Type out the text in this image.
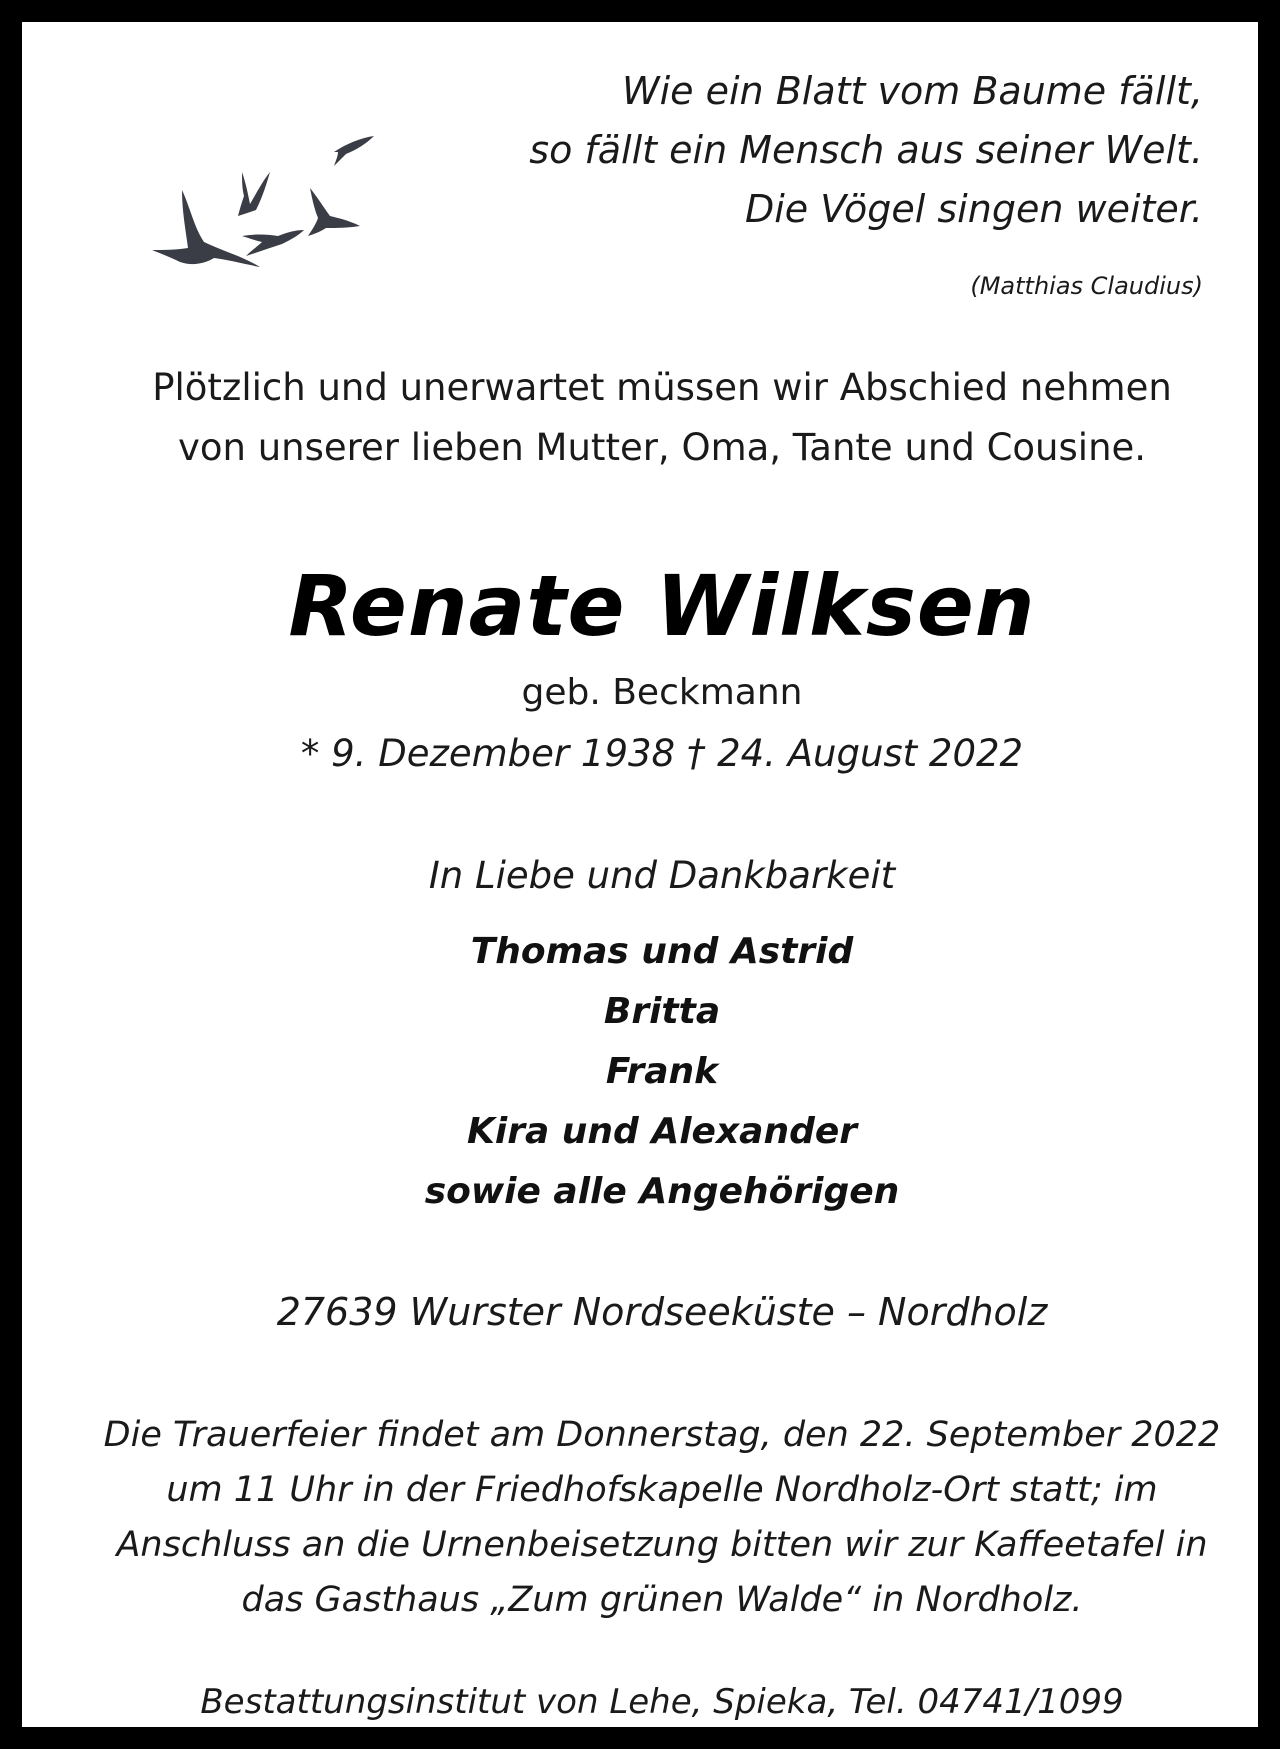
Wie ein Blatt vom Baume fällt,
so fällt ein Mensch aus seiner Welt.
Die Vögel singen weiter.
(Matthias Claudius)
Plötzlich und unerwartet müssen wir Abschied nehmen
von unserer lieben Mutter, Oma, Tante und Cousine.
Renate Wilksen
geb. Beckmann
* 9. Dezember 1938 † 24. August 2022
In Liebe und Dankbarkeit
Thomas und Astrid
Britta
Frank
Kira und Alexander
sowie alle Angehörigen
27639 Wurster Nordseeküste – Nordholz
Die Trauerfeier findet am Donnerstag, den 22. September 2022
um 11 Uhr in der Friedhofskapelle Nordholz-Ort statt; im
Anschluss an die Urnenbeisetzung bitten wir zur Kaffeetafel in
das Gasthaus „Zum grünen Walde“ in Nordholz.
Bestattungsinstitut von Lehe, Spieka, Tel. 04741/1099
